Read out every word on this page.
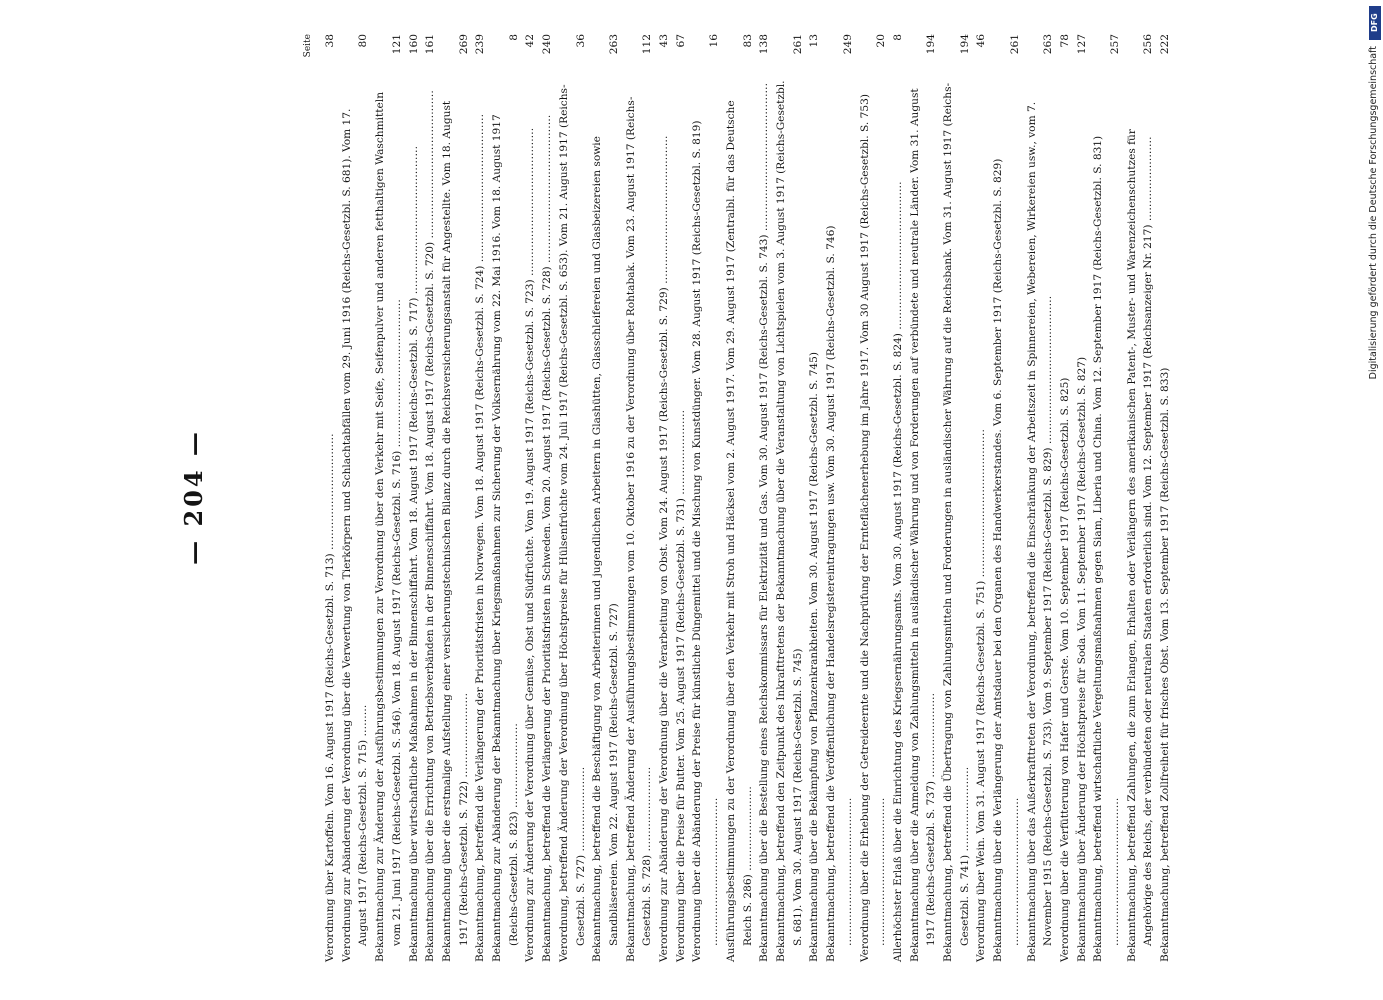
— 204 —
Seite
Verordnung über Kartoffeln. Vom 16. August 1917 (Reichs-Gesetzbl. S. 713) ……………………………
38
Verordnung zur Abänderung der Verordnung über die Verwertung von Tierkörpern und Schlachtabfällen vom 29. Juni 1916 (Reichs-Gesetzbl. S. 681). Vom 17. August 1917 (Reichs-Gesetzbl. S. 715) ………
80
Bekanntmachung zur Änderung der Ausführungsbestimmungen zur Verordnung über den Verkehr mit Seife, Seifenpulver und anderen fetthaltigen Waschmitteln vom 21. Juni 1917 (Reichs-Gesetzbl. S. 546). Vom 18. August 1917 (Reichs-Gesetzbl. S. 716) ……………………………………
121
Bekanntmachung über wirtschaftliche Maßnahmen in der Binnenschiffahrt. Vom 18. August 1917 (Reichs-Gesetzbl. S. 717) ……………………………………
160
Bekanntmachung über die Errichtung von Betriebsverbänden in der Binnenschiffahrt. Vom 18. August 1917 (Reichs-Gesetzbl. S. 720) ……………………………………
161
Bekanntmachung über die erstmalige Aufstellung einer versicherungstechnischen Bilanz durch die Reichsversicherungsanstalt für Angestellte. Vom 18. August 1917 (Reichs-Gesetzbl. S. 722) ……………………
269
Bekanntmachung, betreffend die Verlängerung der Prioritätsfristen in Norwegen. Vom 18. August 1917 (Reichs-Gesetzbl. S. 724) ……………………………………
239
Bekanntmachung zur Abänderung der Bekanntmachung über Kriegsmaßnahmen zur Sicherung der Volksernährung vom 22. Mai 1916. Vom 18. August 1917 (Reichs-Gesetzbl. S. 823) ……………………
8
Verordnung zur Änderung der Verordnung über Gemüse, Obst und Südfrüchte. Vom 19. August 1917 (Reichs-Gesetzbl. S. 723) ……………………………………
42
Bekanntmachung, betreffend die Verlängerung der Prioritätsfristen in Schweden. Vom 20. August 1917 (Reichs-Gesetzbl. S. 728) ……………………………………
240
Verordnung, betreffend Änderung der Verordnung über Höchstpreise für Hülsenfrüchte vom 24. Juli 1917 (Reichs-Gesetzbl. S. 653). Vom 21. August 1917 (Reichs-Gesetzbl. S. 727) ……………………
36
Bekanntmachung, betreffend die Beschäftigung von Arbeiterinnen und jugendlichen Arbeitern in Glashütten, Glasschleifereien und Glasbeizereien sowie Sandbläsereien. Vom 22. August 1917 (Reichs-Gesetzbl. S. 727)
263
Bekanntmachung, betreffend Änderung der Ausführungsbestimmungen vom 10. Oktober 1916 zu der Verordnung über Rohtabak. Vom 23. August 1917 (Reichs-Gesetzbl. S. 728) ……………………
112
Verordnung zur Abänderung der Verordnung über die Verarbeitung von Obst. Vom 24. August 1917 (Reichs-Gesetzbl. S. 729) ……………………………………
43
Verordnung über die Preise für Butter. Vom 25. August 1917 (Reichs-Gesetzbl. S. 731) ……………………
67
Verordnung über die Abänderung der Preise für künstliche Düngemittel und die Mischung von Kunstdünger. Vom 28. August 1917 (Reichs-Gesetzbl. S. 819) ……………………………………
16
Ausführungsbestimmungen zu der Verordnung über den Verkehr mit Stroh und Häcksel vom 2. August 1917. Vom 29. August 1917 (Zentralbl. für das Deutsche Reich S. 286) ……………………
83
Bekanntmachung über die Bestellung eines Reichskommissars für Elektrizität und Gas. Vom 30. August 1917 (Reichs-Gesetzbl. S. 743) ……………………………………
138
Bekanntmachung, betreffend den Zeitpunkt des Inkrafttretens der Bekanntmachung über die Veranstaltung von Lichtspielen vom 3. August 1917 (Reichs-Gesetzbl. S. 681). Vom 30. August 1917 (Reichs-Gesetzbl. S. 745)
261
Bekanntmachung über die Bekämpfung von Pflanzenkrankheiten. Vom 30. August 1917 (Reichs-Gesetzbl. S. 745)
13
Bekanntmachung, betreffend die Veröffentlichung der Handelsregistereintragungen usw. Vom 30. August 1917 (Reichs-Gesetzbl. S. 746) ……………………………………
249
Verordnung über die Erhebung der Getreideernte und die Nachprüfung der Ernteflächenerhebung im Jahre 1917. Vom 30 August 1917 (Reichs-Gesetzbl. S. 753) ……………………………………
20
Allerhöchster Erlaß über die Einrichtung des Kriegsernährungsamts. Vom 30. August 1917 (Reichs-Gesetzbl. S. 824) ……………………………………
8
Bekanntmachung über die Anmeldung von Zahlungsmitteln in ausländischer Währung und von Forderungen auf verbündete und neutrale Länder. Vom 31. August 1917 (Reichs-Gesetzbl. S. 737) ……………………
194
Bekanntmachung, betreffend die Übertragung von Zahlungsmitteln und Forderungen in ausländischer Währung auf die Reichsbank. Vom 31. August 1917 (Reichs-Gesetzbl. S. 741) ……………………
194
Verordnung über Wein. Vom 31. August 1917 (Reichs-Gesetzbl. S. 751) ……………………………………
46
Bekanntmachung über die Verlängerung der Amtsdauer bei den Organen des Handwerkerstandes. Vom 6. September 1917 (Reichs-Gesetzbl. S. 829) ……………………………………
261
Bekanntmachung über das Außerkrafttreten der Verordnung, betreffend die Einschränkung der Arbeitszeit in Spinnereien, Webereien, Wirkereien usw., vom 7. November 1915 (Reichs-Gesetzbl. S. 733). Vom 9. September 1917 (Reichs-Gesetzbl. S. 829) ……………………………………
263
Verordnung über die Verfütterung von Hafer und Gerste. Vom 10. September 1917 (Reichs-Gesetzbl. S. 825)
78
Bekanntmachung über Änderung der Höchstpreise für Soda. Vom 11. September 1917 (Reichs-Gesetzbl. S. 827)
127
Bekanntmachung, betreffend wirtschaftliche Vergeltungsmaßnahmen gegen Siam, Liberia und China. Vom 12. September 1917 (Reichs-Gesetzbl. S. 831) ……………………………………
257
Bekanntmachung, betreffend Zahlungen, die zum Erlangen, Erhalten oder Verlängern des amerikanischen Patent-, Muster- und Warenzeichenschutzes für Angehörige des Reichs, der verbündeten oder neutralen Staaten erforderlich sind. Vom 12. September 1917 (Reichsanzeiger Nr. 217) ……………………
256
Bekanntmachung, betreffend Zollfreiheit für frisches Obst. Vom 13. September 1917 (Reichs-Gesetzbl. S. 833)
222
DFG
Digitalisierung gefördert durch die Deutsche Forschungsgemeinschaft
